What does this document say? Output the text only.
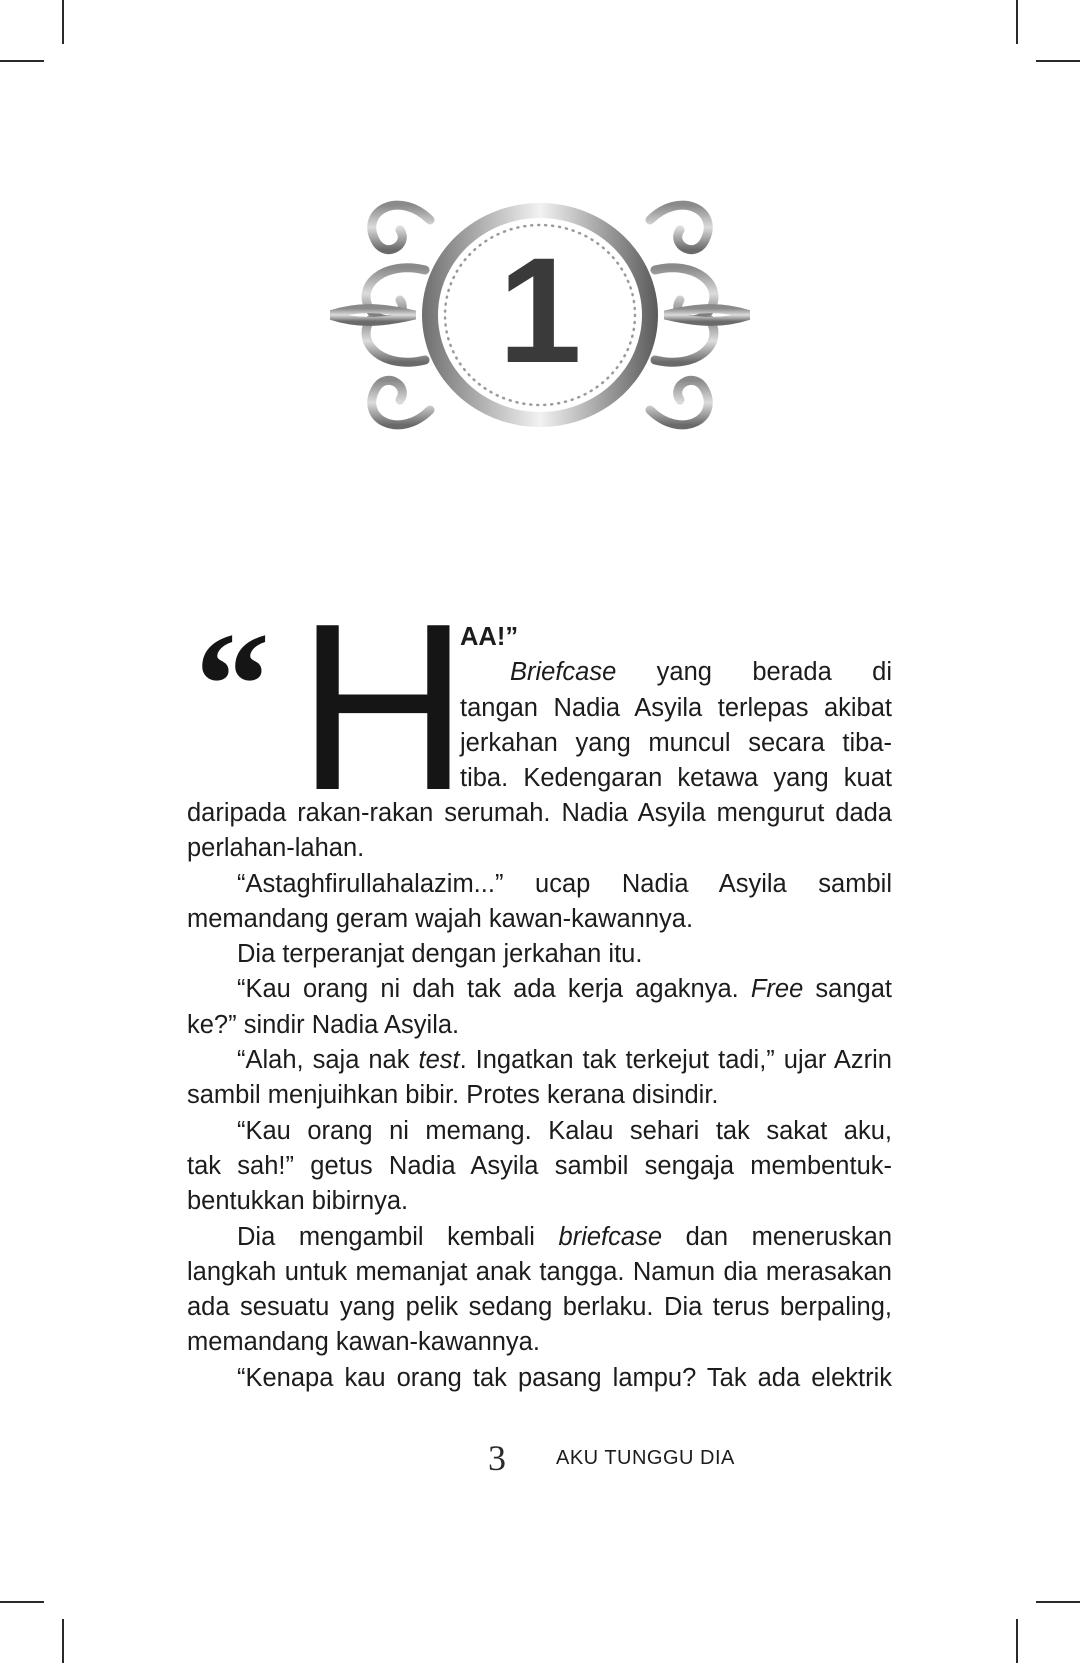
1
“ H
AA!”
Briefcase yang berada di
tangan Nadia Asyila terlepas akibat
jerkahan yang muncul secara tiba-
tiba. Kedengaran ketawa yang kuat
daripada rakan-rakan serumah. Nadia Asyila mengurut dada
perlahan-lahan.
“Astaghfirullahalazim...” ucap Nadia Asyila sambil
memandang geram wajah kawan-kawannya.
Dia terperanjat dengan jerkahan itu.
“Kau orang ni dah tak ada kerja agaknya. Free sangat
ke?” sindir Nadia Asyila.
“Alah, saja nak test. Ingatkan tak terkejut tadi,” ujar Azrin
sambil menjuihkan bibir. Protes kerana disindir.
“Kau orang ni memang. Kalau sehari tak sakat aku,
tak sah!” getus Nadia Asyila sambil sengaja membentuk-
bentukkan bibirnya.
Dia mengambil kembali briefcase dan meneruskan
langkah untuk memanjat anak tangga. Namun dia merasakan
ada sesuatu yang pelik sedang berlaku. Dia terus berpaling,
memandang kawan-kawannya.
“Kenapa kau orang tak pasang lampu? Tak ada elektrik
3	AKU TUNGGU DIA
